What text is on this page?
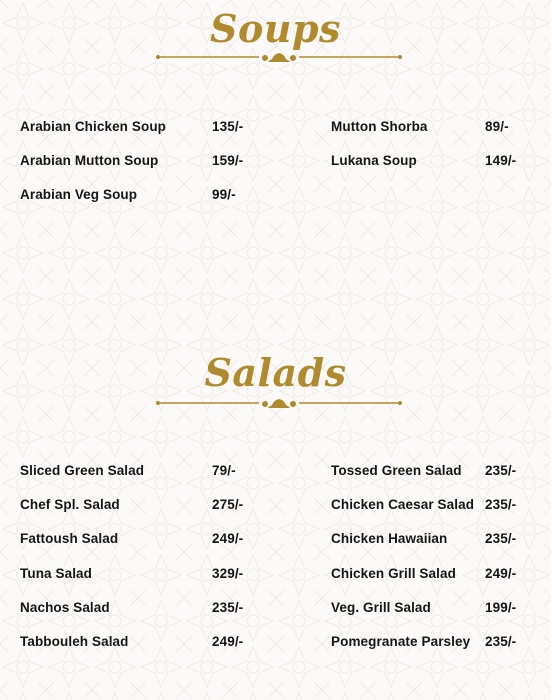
Soups
Arabian Chicken Soup	135/-
Arabian Mutton Soup	159/-
Arabian Veg Soup	99/-
Mutton Shorba	89/-
Lukana Soup	149/-
Salads
Sliced Green Salad	79/-
Chef Spl. Salad	275/-
Fattoush Salad	249/-
Tuna Salad	329/-
Nachos Salad	235/-
Tabbouleh Salad	249/-
Tossed Green Salad 235/-
Chicken Caesar Salad 235/-
Chicken Hawaiian	235/-
Chicken Grill Salad 249/-
Veg. Grill Salad	199/-
Pomegranate Parsley 235/-
